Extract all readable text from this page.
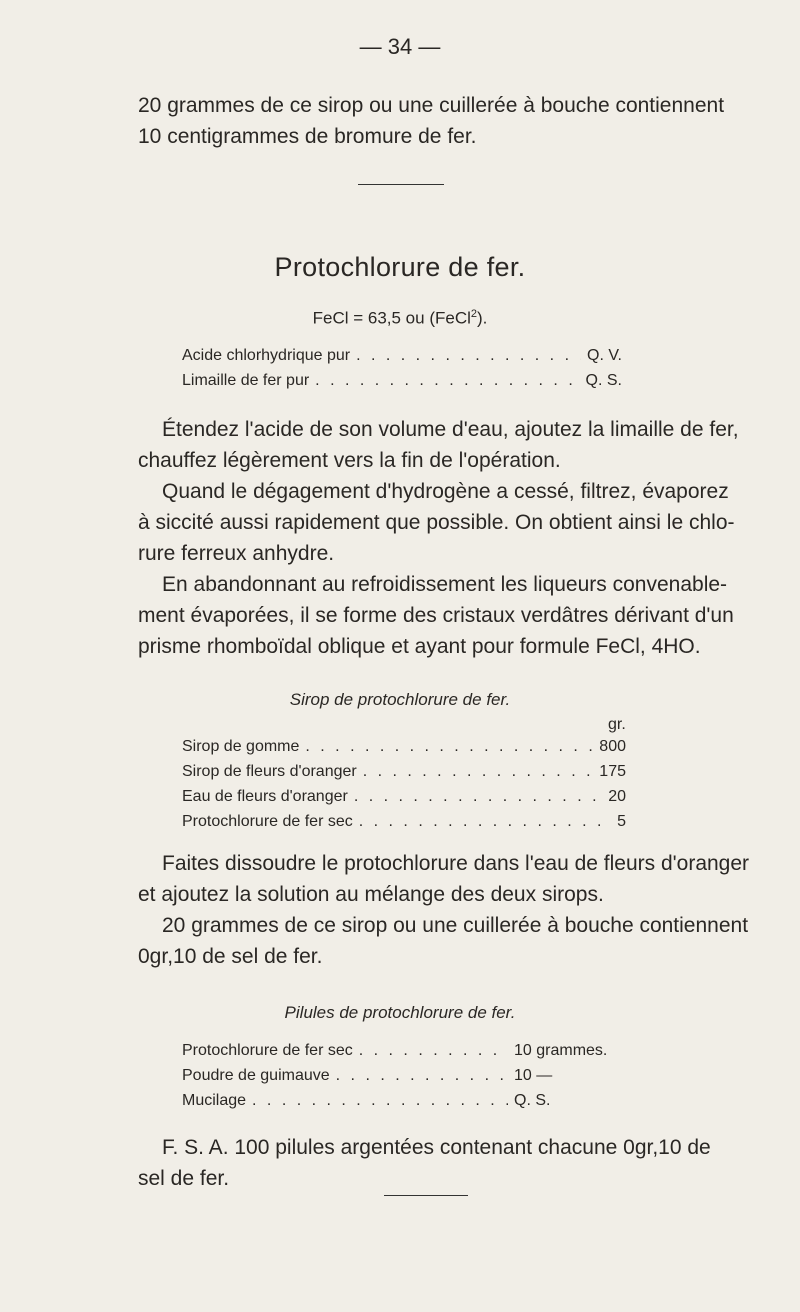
— 34 —
20 grammes de ce sirop ou une cuillerée à bouche contiennent
10 centigrammes de bromure de fer.
Protochlorure de fer.
FeCl = 63,5 ou (FeCl$^2$).
Acide chlorhydrique pur . . .	Q. V.
Limaille de fer pur . . .	Q. S.
Étendez l'acide de son volume d'eau, ajoutez la limaille de fer,
chauffez légèrement vers la fin de l'opération.
Quand le dégagement d'hydrogène a cessé, filtrez, évaporez
à siccité aussi rapidement que possible. On obtient ainsi le chlo-
rure ferreux anhydre.
En abandonnant au refroidissement les liqueurs convenable-
ment évaporées, il se forme des cristaux verdâtres dérivant d'un
prisme rhomboïdal oblique et ayant pour formule FeCl, 4HO.
Sirop de protochlorure de fer.
gr.
Sirop de gomme . . .	800
Sirop de fleurs d'oranger . . .	175
Eau de fleurs d'oranger . . .	20
Protochlorure de fer sec . . .	5
Faites dissoudre le protochlorure dans l'eau de fleurs d'oranger
et ajoutez la solution au mélange des deux sirops.
20 grammes de ce sirop ou une cuillerée à bouche contiennent
0gr,10 de sel de fer.
Pilules de protochlorure de fer.
Protochlorure de fer sec . . .	10 grammes.
Poudre de guimauve . . .	10 —
Mucilage . . .	Q. S.
F. S. A. 100 pilules argentées contenant chacune 0gr,10 de
sel de fer.
